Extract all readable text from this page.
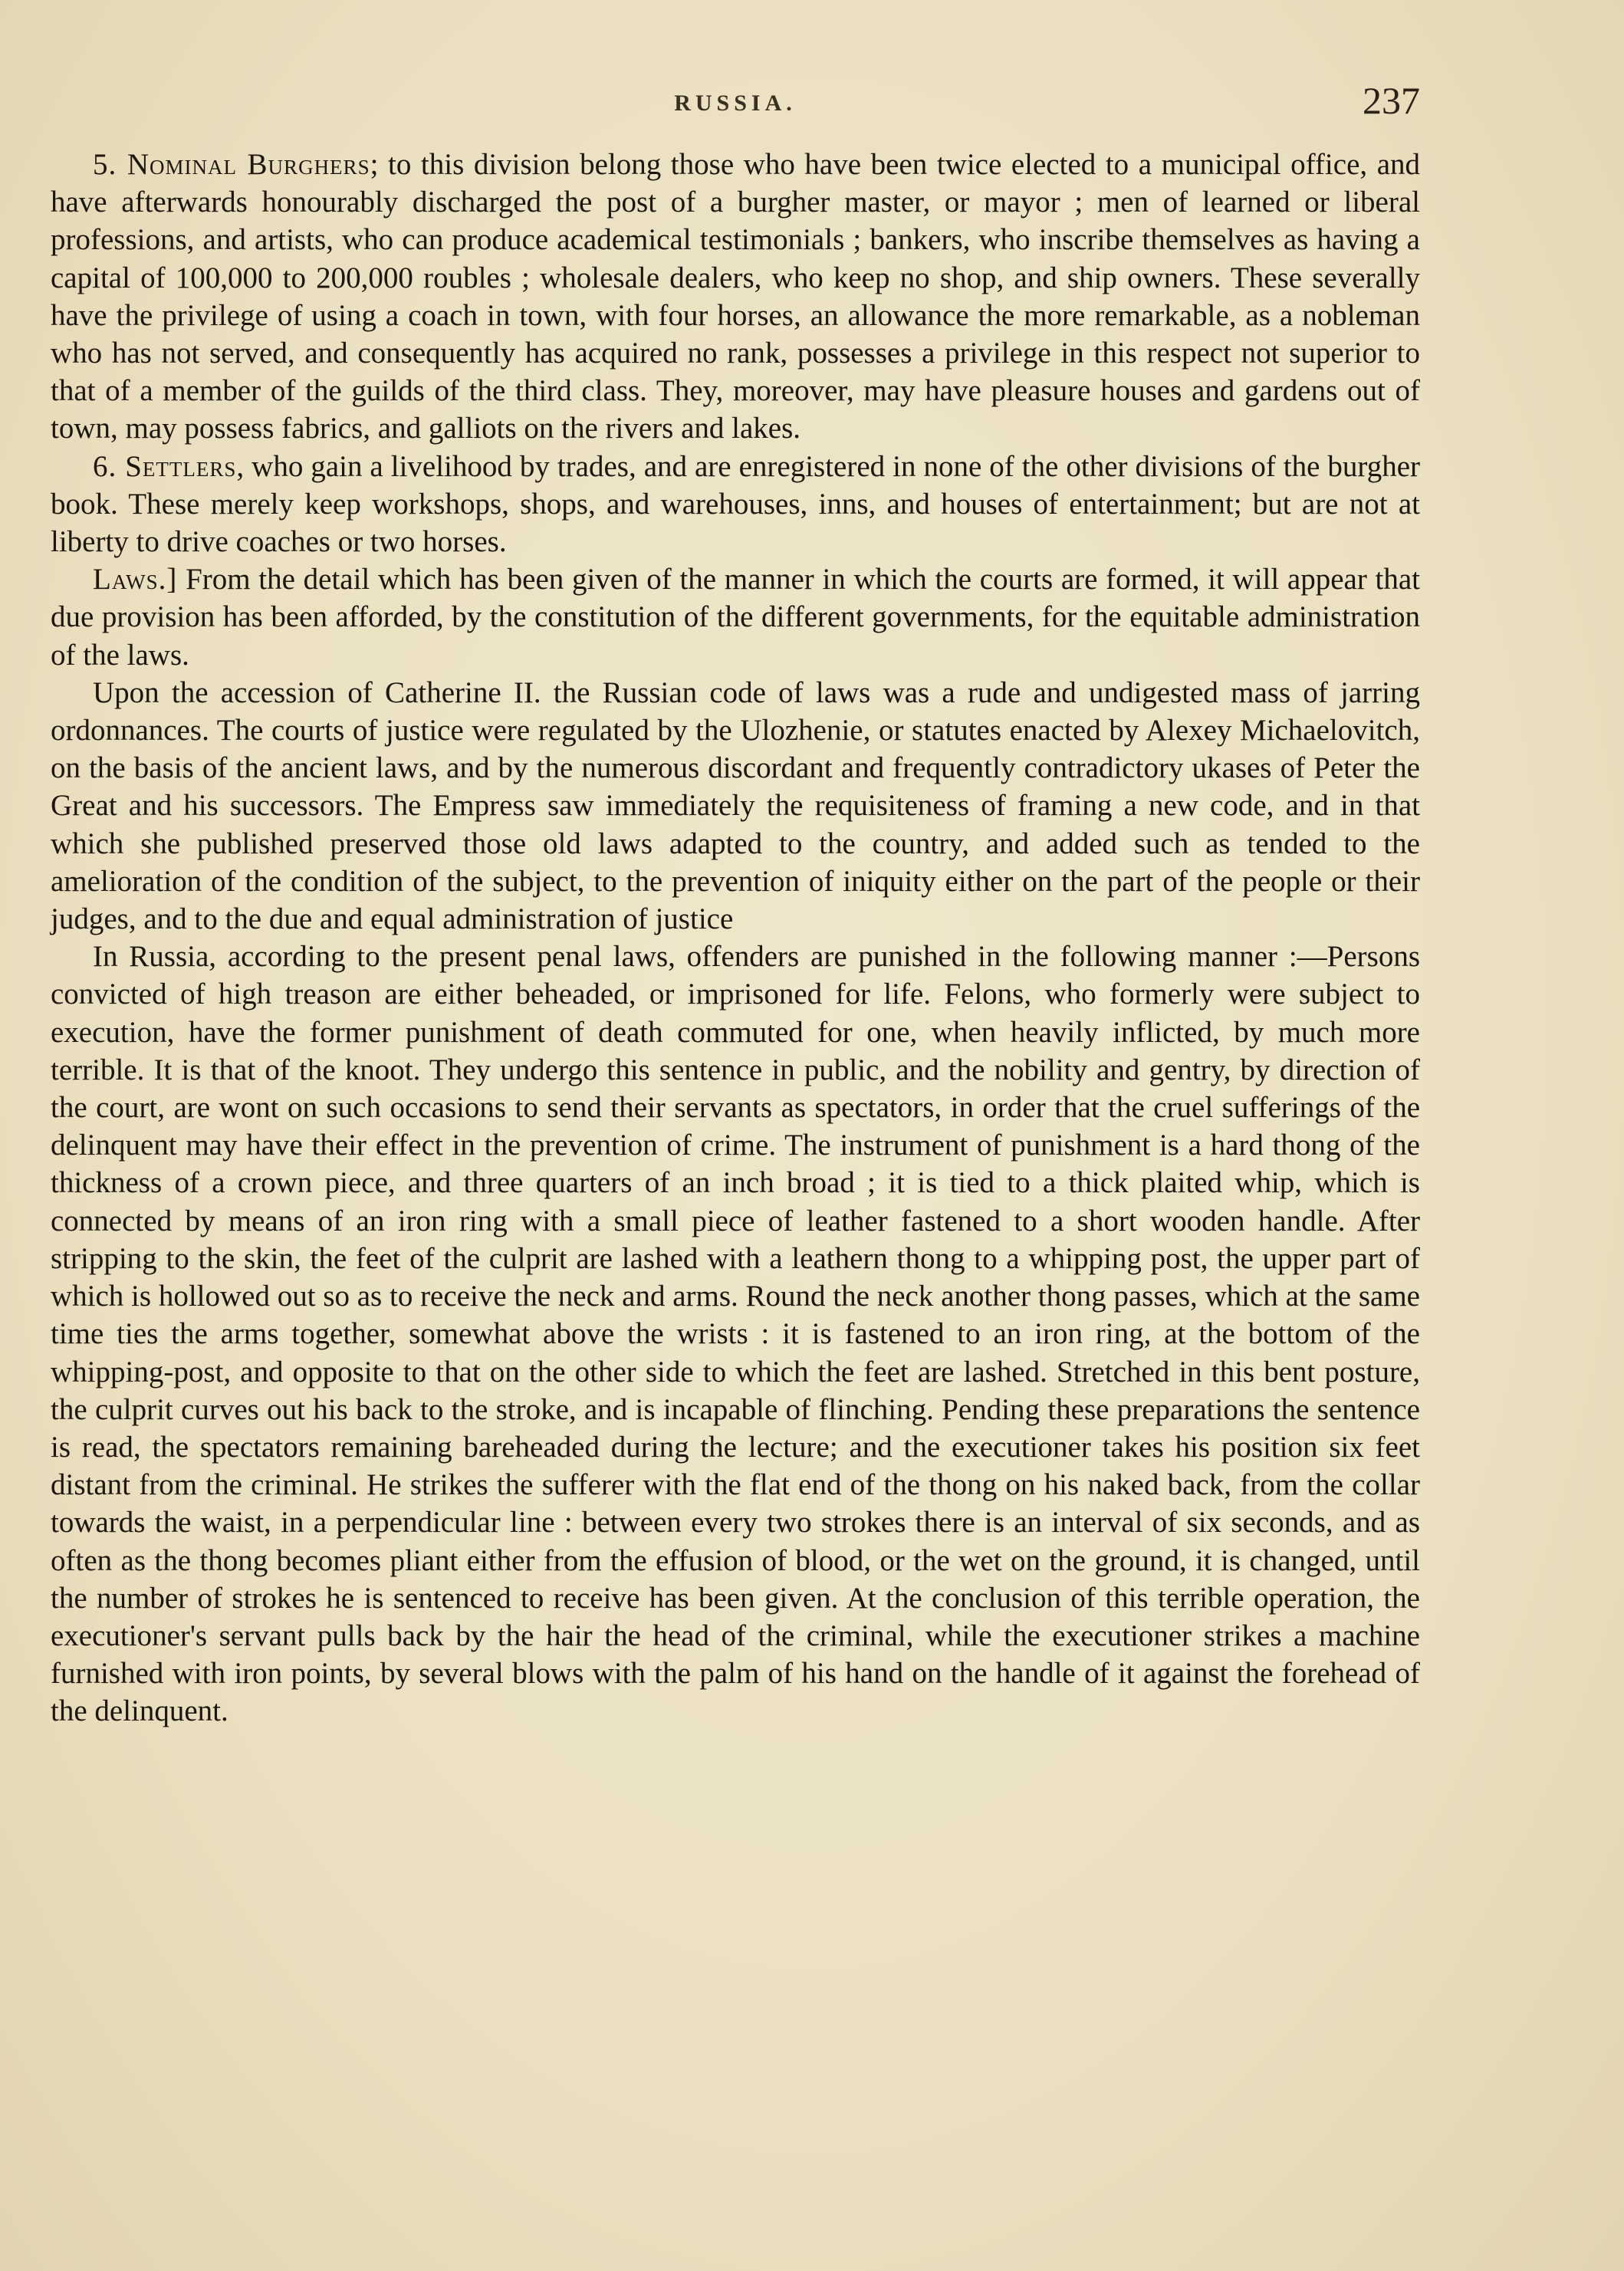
RUSSIA.	237

5. Nominal Burghers; to this division belong those who have been twice elected to a municipal office, and have afterwards honourably discharged the post of a burgher master, or mayor ; men of learned or liberal professions, and artists, who can produce academical testimonials ; bankers, who inscribe themselves as having a capital of 100,000 to 200,000 roubles ; wholesale dealers, who keep no shop, and ship owners. These severally have the privilege of using a coach in town, with four horses, an allowance the more remarkable, as a nobleman who has not served, and consequently has acquired no rank, possesses a privilege in this respect not superior to that of a member of the guilds of the third class. They, moreover, may have pleasure houses and gardens out of town, may possess fabrics, and galliots on the rivers and lakes.

6. Settlers, who gain a livelihood by trades, and are enregistered in none of the other divisions of the burgher book. These merely keep workshops, shops, and warehouses, inns, and houses of entertainment; but are not at liberty to drive coaches or two horses.

Laws.] From the detail which has been given of the manner in which the courts are formed, it will appear that due provision has been afforded, by the constitution of the different governments, for the equitable administration of the laws.

Upon the accession of Catherine II. the Russian code of laws was a rude and undigested mass of jarring ordonnances. The courts of justice were regulated by the Ulozhenie, or statutes enacted by Alexey Michaelovitch, on the basis of the ancient laws, and by the numerous discordant and frequently contradictory ukases of Peter the Great and his successors. The Empress saw immediately the requisiteness of framing a new code, and in that which she published preserved those old laws adapted to the country, and added such as tended to the amelioration of the condition of the subject, to the prevention of iniquity either on the part of the people or their judges, and to the due and equal administration of justice

In Russia, according to the present penal laws, offenders are punished in the following manner :—Persons convicted of high treason are either beheaded, or imprisoned for life. Felons, who formerly were subject to execution, have the former punishment of death commuted for one, when heavily inflicted, by much more terrible. It is that of the knoot. They undergo this sentence in public, and the nobility and gentry, by direction of the court, are wont on such occasions to send their servants as spectators, in order that the cruel sufferings of the delinquent may have their effect in the prevention of crime. The instrument of punishment is a hard thong of the thickness of a crown piece, and three quarters of an inch broad ; it is tied to a thick plaited whip, which is connected by means of an iron ring with a small piece of leather fastened to a short wooden handle. After stripping to the skin, the feet of the culprit are lashed with a leathern thong to a whipping post, the upper part of which is hollowed out so as to receive the neck and arms. Round the neck another thong passes, which at the same time ties the arms together, somewhat above the wrists : it is fastened to an iron ring, at the bottom of the whipping-post, and opposite to that on the other side to which the feet are lashed. Stretched in this bent posture, the culprit curves out his back to the stroke, and is incapable of flinching. Pending these preparations the sentence is read, the spectators remaining bareheaded during the lecture; and the executioner takes his position six feet distant from the criminal. He strikes the sufferer with the flat end of the thong on his naked back, from the collar towards the waist, in a perpendicular line : between every two strokes there is an interval of six seconds, and as often as the thong becomes pliant either from the effusion of blood, or the wet on the ground, it is changed, until the number of strokes he is sentenced to receive has been given. At the conclusion of this terrible operation, the executioner's servant pulls back by the hair the head of the criminal, while the executioner strikes a machine furnished with iron points, by several blows with the palm of his hand on the handle of it against the forehead of the delinquent.
